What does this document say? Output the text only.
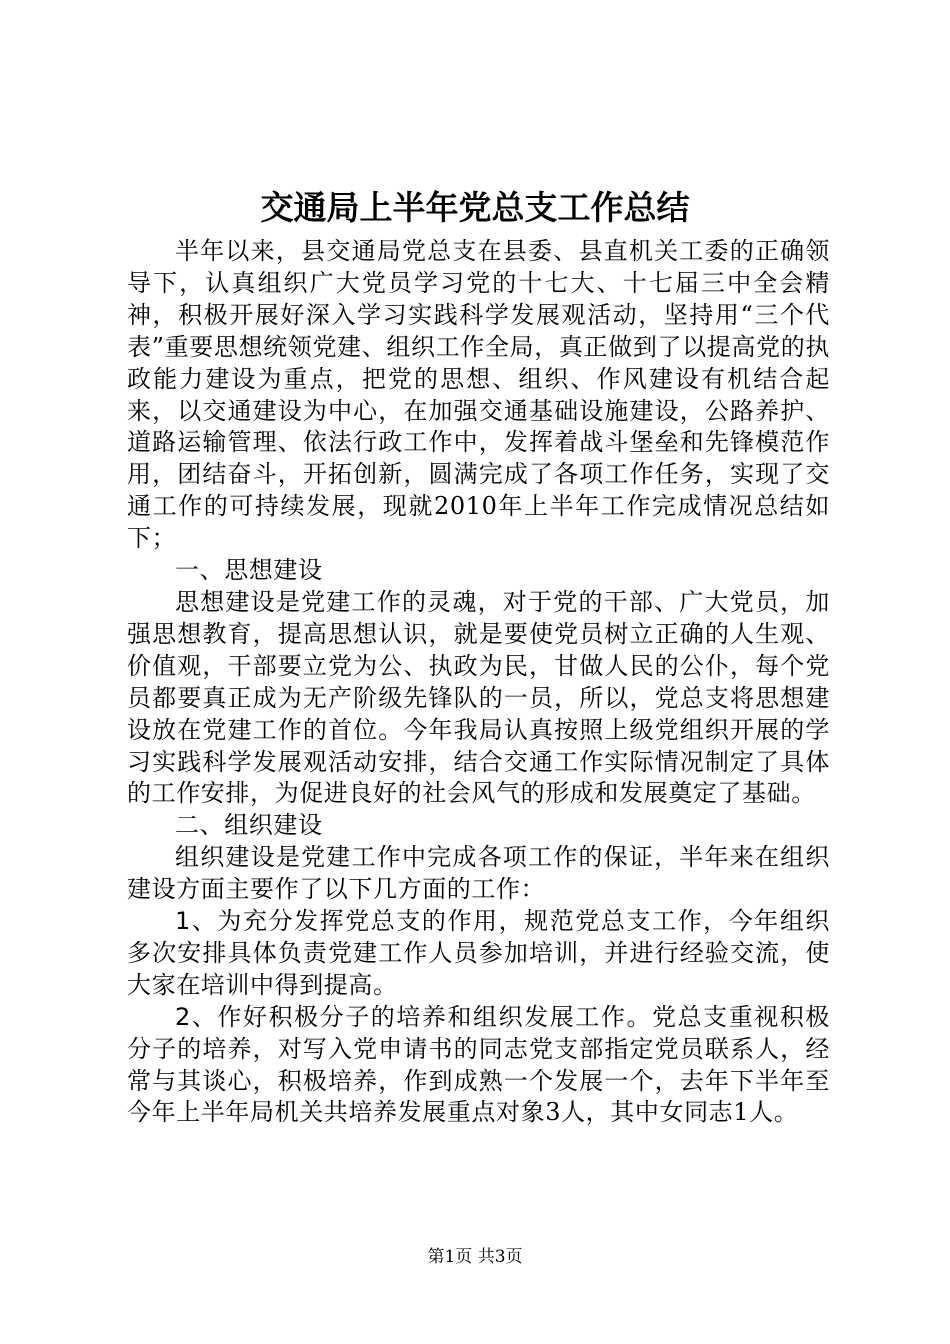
交通局上半年党总支工作总结

半年以来，县交通局党总支在县委、县直机关工委的正确领导下，认真组织广大党员学习党的十七大、十七届三中全会精神，积极开展好深入学习实践科学发展观活动，坚持用“三个代表”重要思想统领党建、组织工作全局，真正做到了以提高党的执政能力建设为重点，把党的思想、组织、作风建设有机结合起来，以交通建设为中心，在加强交通基础设施建设，公路养护、道路运输管理、依法行政工作中，发挥着战斗堡垒和先锋模范作用，团结奋斗，开拓创新，圆满完成了各项工作任务，实现了交通工作的可持续发展，现就2010年上半年工作完成情况总结如下；

一、思想建设

思想建设是党建工作的灵魂，对于党的干部、广大党员，加强思想教育，提高思想认识，就是要使党员树立正确的人生观、价值观，干部要立党为公、执政为民，甘做人民的公仆，每个党员都要真正成为无产阶级先锋队的一员，所以，党总支将思想建设放在党建工作的首位。今年我局认真按照上级党组织开展的学习实践科学发展观活动安排，结合交通工作实际情况制定了具体的工作安排，为促进良好的社会风气的形成和发展奠定了基础。

二、组织建设

组织建设是党建工作中完成各项工作的保证，半年来在组织建设方面主要作了以下几方面的工作：

1、为充分发挥党总支的作用，规范党总支工作，今年组织多次安排具体负责党建工作人员参加培训，并进行经验交流，使大家在培训中得到提高。

2、作好积极分子的培养和组织发展工作。党总支重视积极分子的培养，对写入党申请书的同志党支部指定党员联系人，经常与其谈心，积极培养，作到成熟一个发展一个，去年下半年至今年上半年局机关共培养发展重点对象3人，其中女同志1人。

第1页 共3页
